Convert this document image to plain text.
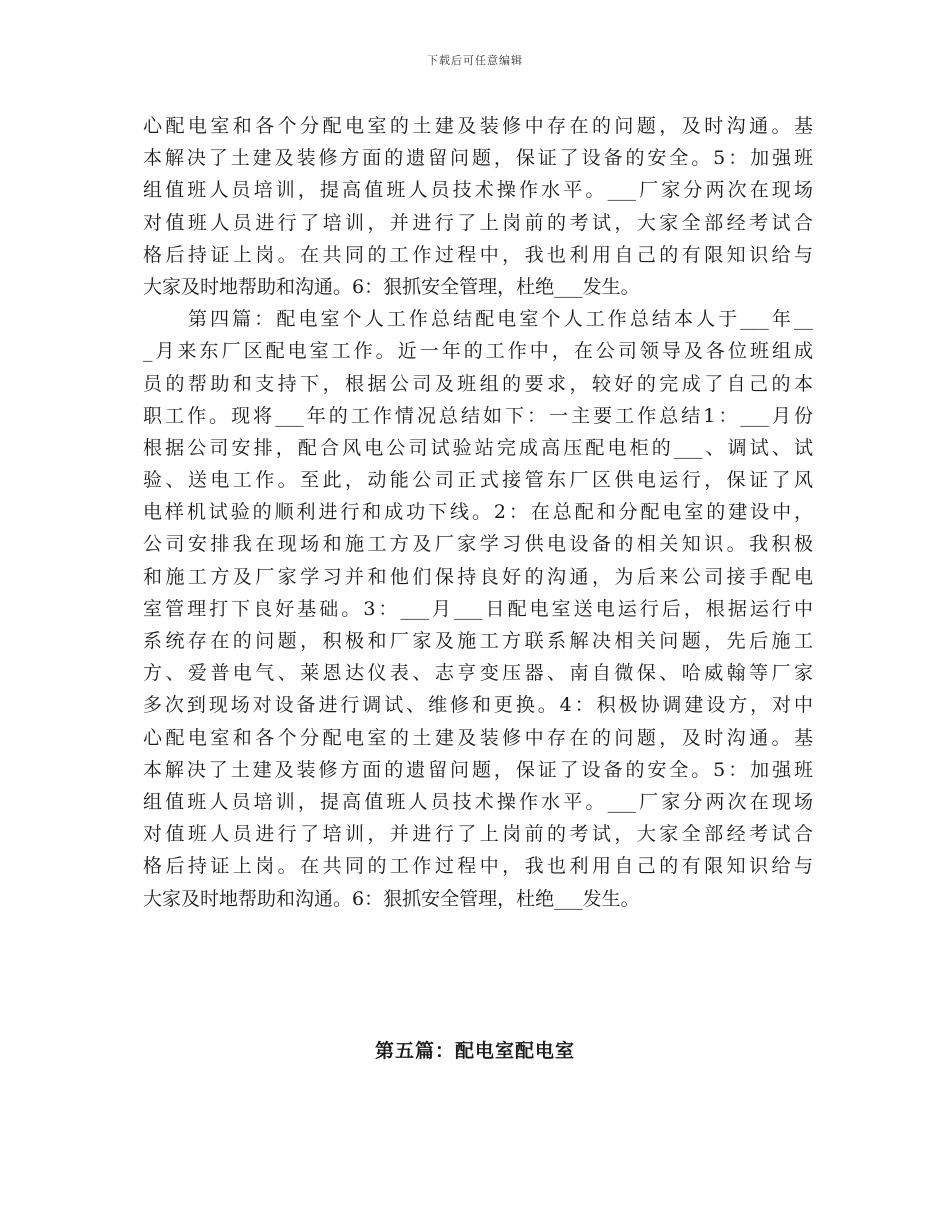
下载后可任意编辑
心配电室和各个分配电室的土建及装修中存在的问题，及时沟通。基
本解决了土建及装修方面的遗留问题，保证了设备的安全。5：加强班
组值班人员培训，提高值班人员技术操作水平。___厂家分两次在现场
对值班人员进行了培训，并进行了上岗前的考试，大家全部经考试合
格后持证上岗。在共同的工作过程中，我也利用自己的有限知识给与
大家及时地帮助和沟通。6：狠抓安全管理，杜绝___发生。
第四篇：配电室个人工作总结配电室个人工作总结本人于___年__
_月来东厂区配电室工作。近一年的工作中，在公司领导及各位班组成
员的帮助和支持下，根据公司及班组的要求，较好的完成了自己的本
职工作。现将___年的工作情况总结如下：一主要工作总结1：___月份
根据公司安排，配合风电公司试验站完成高压配电柜的___、调试、试
验、送电工作。至此，动能公司正式接管东厂区供电运行，保证了风
电样机试验的顺利进行和成功下线。2：在总配和分配电室的建设中，
公司安排我在现场和施工方及厂家学习供电设备的相关知识。我积极
和施工方及厂家学习并和他们保持良好的沟通，为后来公司接手配电
室管理打下良好基础。3：___月___日配电室送电运行后，根据运行中
系统存在的问题，积极和厂家及施工方联系解决相关问题，先后施工
方、爱普电气、莱恩达仪表、志亨变压器、南自微保、哈威翰等厂家
多次到现场对设备进行调试、维修和更换。4：积极协调建设方，对中
心配电室和各个分配电室的土建及装修中存在的问题，及时沟通。基
本解决了土建及装修方面的遗留问题，保证了设备的安全。5：加强班
组值班人员培训，提高值班人员技术操作水平。___厂家分两次在现场
对值班人员进行了培训，并进行了上岗前的考试，大家全部经考试合
格后持证上岗。在共同的工作过程中，我也利用自己的有限知识给与
大家及时地帮助和沟通。6：狠抓安全管理，杜绝___发生。
第五篇：配电室配电室
